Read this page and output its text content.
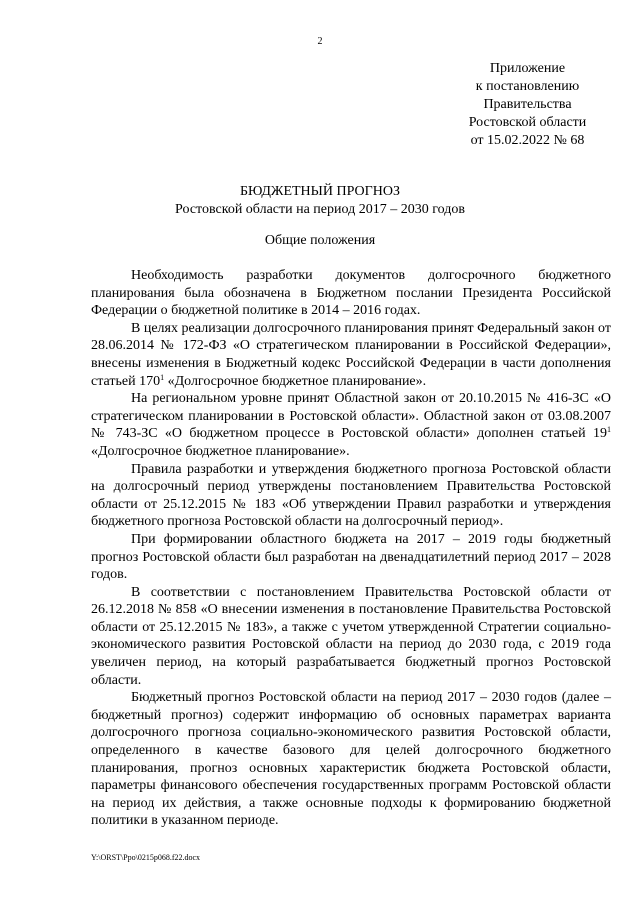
2
Приложение
к постановлению
Правительства
Ростовской области
от 15.02.2022 № 68
БЮДЖЕТНЫЙ ПРОГНОЗ
Ростовской области на период 2017 – 2030 годов
Общие положения

Необходимость разработки документов долгосрочного бюджетного планирования была обозначена в Бюджетном послании Президента Российской Федерации о бюджетной политике в 2014 – 2016 годах.

В целях реализации долгосрочного планирования принят Федеральный закон от 28.06.2014 № 172-ФЗ «О стратегическом планировании в Российской Федерации», внесены изменения в Бюджетный кодекс Российской Федерации в части дополнения статьей $170^1$ «Долгосрочное бюджетное планирование».

На региональном уровне принят Областной закон от 20.10.2015 № 416-ЗС «О стратегическом планировании в Ростовской области». Областной закон от 03.08.2007 № 743-ЗС «О бюджетном процессе в Ростовской области» дополнен статьей $19^1$ «Долгосрочное бюджетное планирование».

Правила разработки и утверждения бюджетного прогноза Ростовской области на долгосрочный период утверждены постановлением Правительства Ростовской области от 25.12.2015 № 183 «Об утверждении Правил разработки и утверждения бюджетного прогноза Ростовской области на долгосрочный период».

При формировании областного бюджета на 2017 – 2019 годы бюджетный прогноз Ростовской области был разработан на двенадцатилетний период 2017 – 2028 годов.

В соответствии с постановлением Правительства Ростовской области от 26.12.2018 № 858 «О внесении изменения в постановление Правительства Ростовской области от 25.12.2015 № 183», а также с учетом утвержденной Стратегии социально-экономического развития Ростовской области на период до 2030 года, с 2019 года увеличен период, на который разрабатывается бюджетный прогноз Ростовской области.

Бюджетный прогноз Ростовской области на период 2017 – 2030 годов (далее – бюджетный прогноз) содержит информацию об основных параметрах варианта долгосрочного прогноза социально-экономического развития Ростовской области, определенного в качестве базового для целей долгосрочного бюджетного планирования, прогноз основных характеристик бюджета Ростовской области, параметры финансового обеспечения государственных программ Ростовской области на период их действия, а также основные подходы к формированию бюджетной политики в указанном периоде.

Y:\ORST\Ppo\0215p068.f22.docx
